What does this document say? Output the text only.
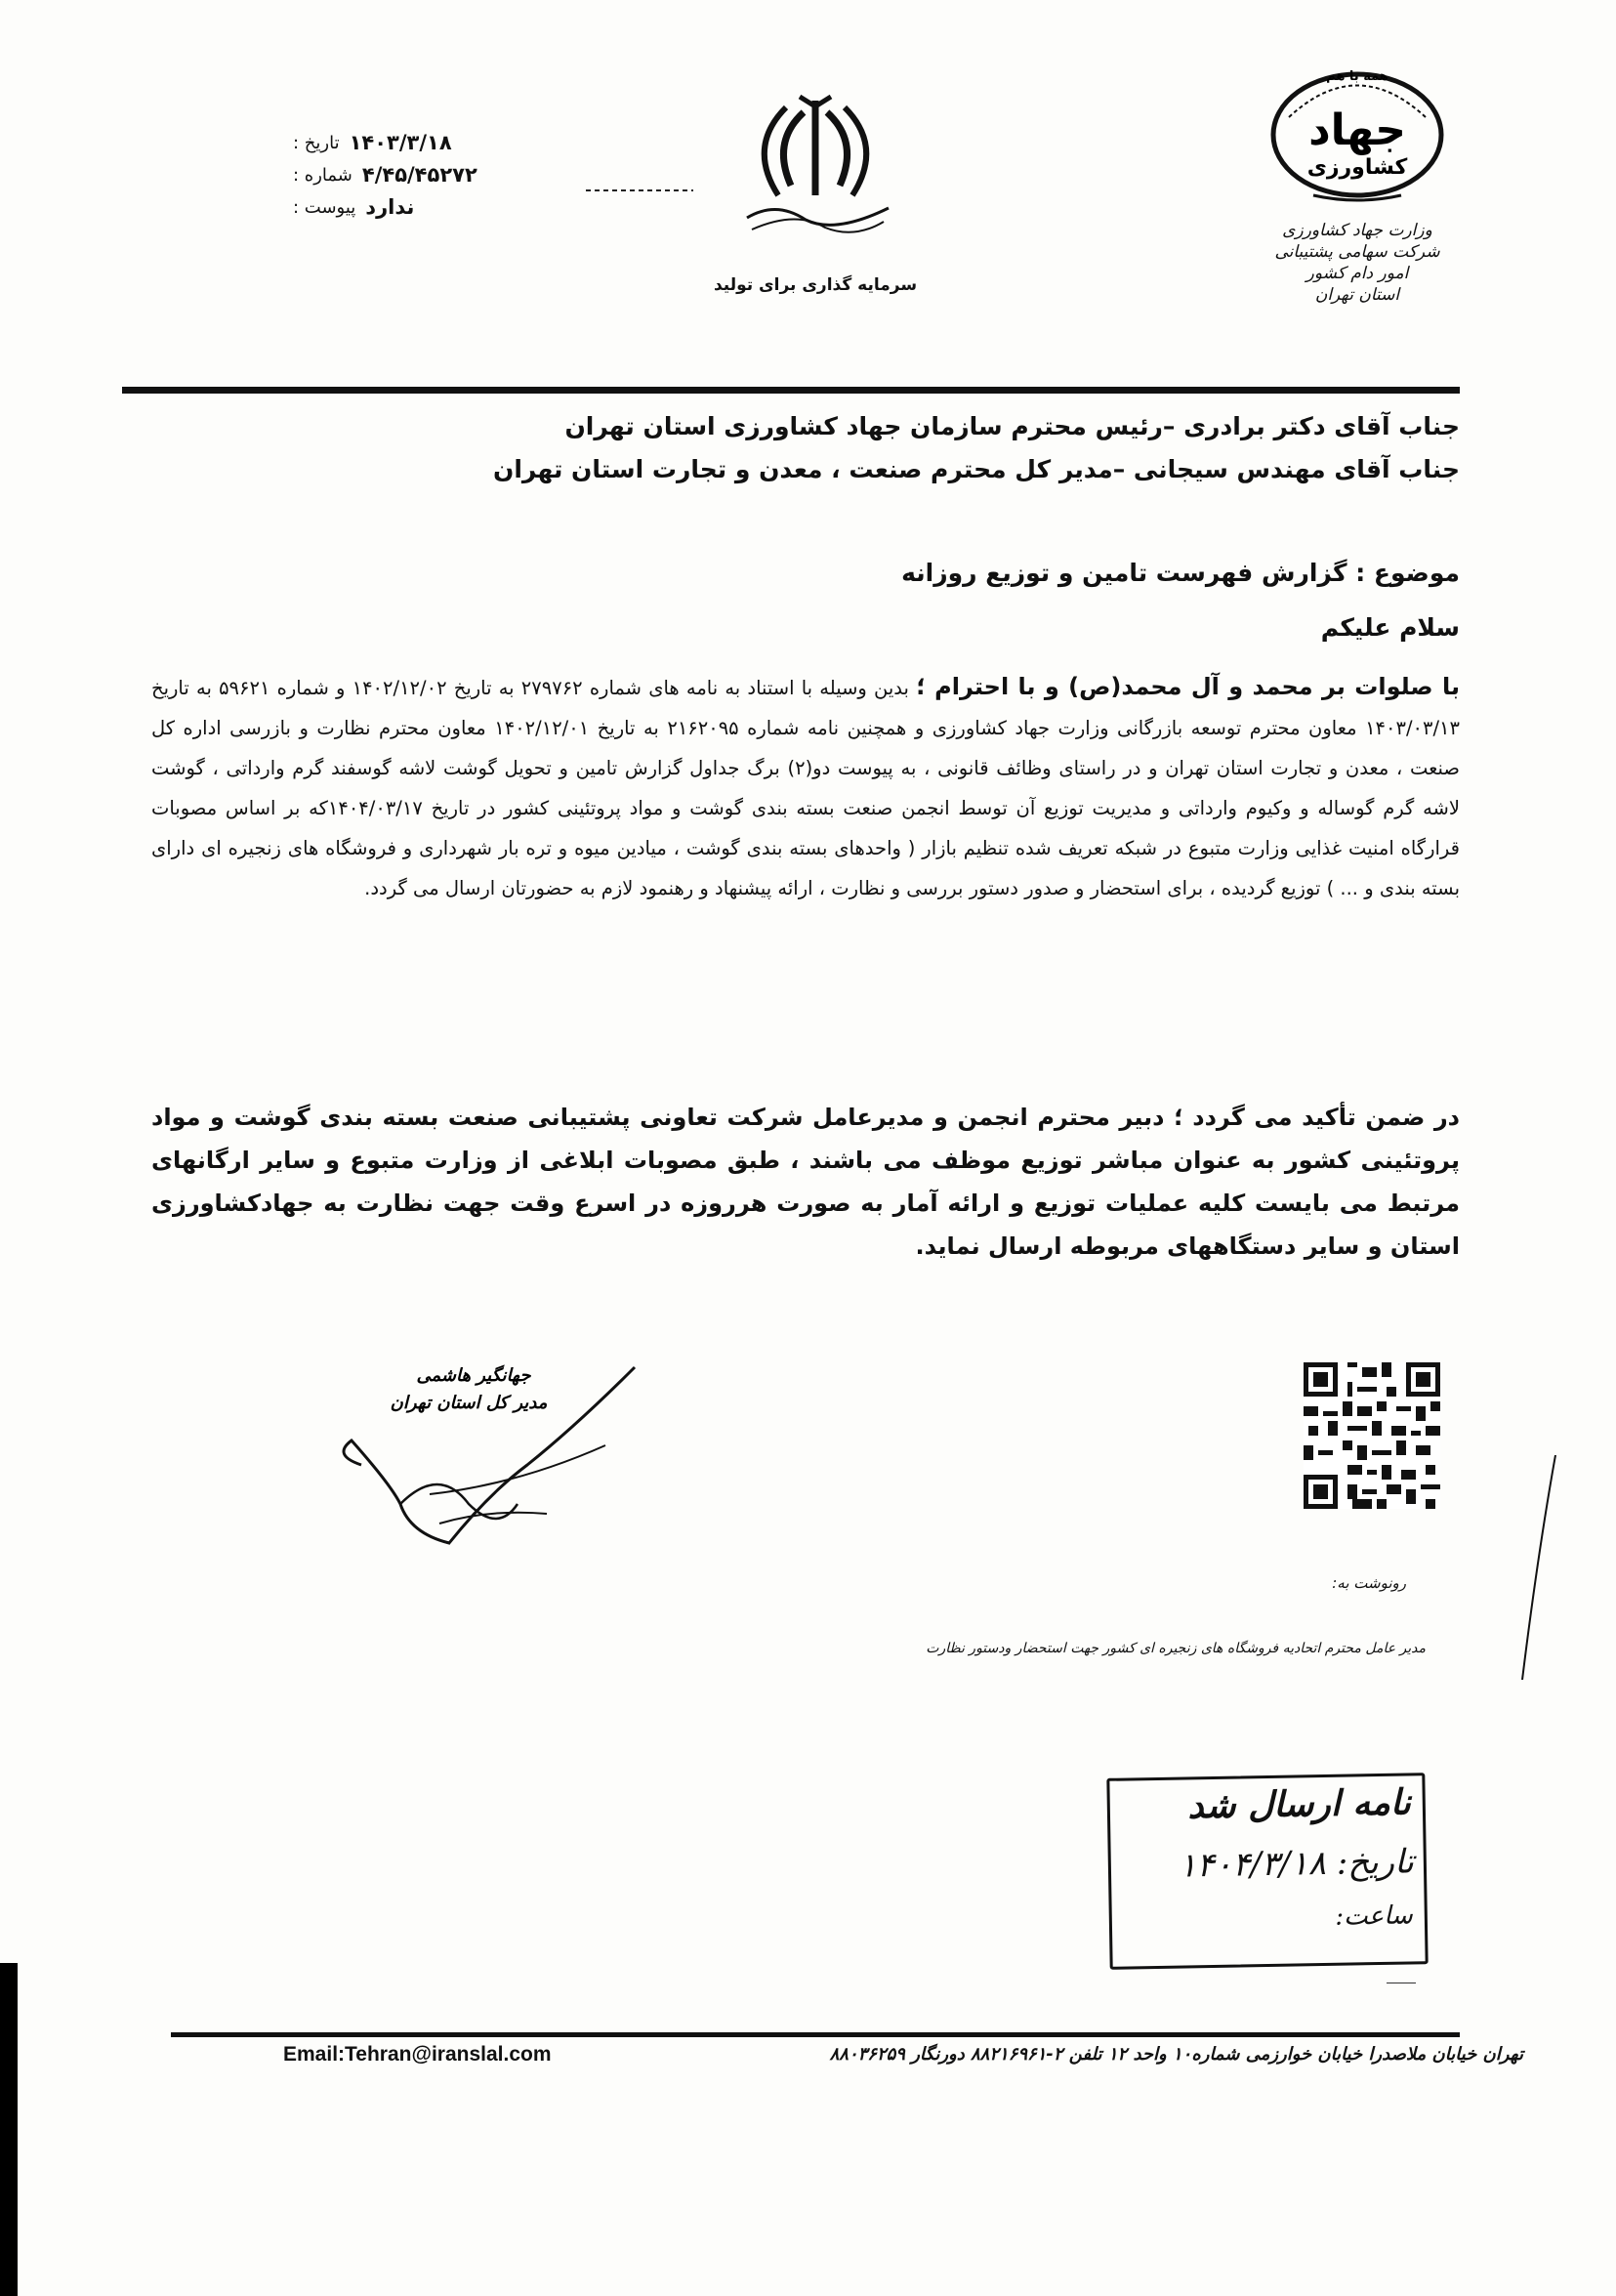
همه با هم
جهاد
کشاورزی
وزارت جهاد کشاورزی
شرکت سهامی پشتیبانی امور دام کشور
استان تهران
سرمایه گذاری برای تولید
تاریخ : ۱۴۰۳/۳/۱۸
شماره : ۴/۴۵/۴۵۲۷۲
پیوست : ندارد
جناب آقای دکتر برادری –رئیس محترم سازمان جهاد کشاورزی استان تهران
جناب آقای مهندس سیجانی –مدیر کل محترم صنعت ، معدن و تجارت استان تهران
موضوع : گزارش فهرست تامین و توزیع روزانه
سلام علیکم
با صلوات بر محمد و آل محمد(ص) و با احترام ؛ بدین وسیله با استناد به نامه های شماره ۲۷۹۷۶۲ به تاریخ ۱۴۰۲/۱۲/۰۲ و شماره ۵۹۶۲۱ به تاریخ ۱۴۰۳/۰۳/۱۳ معاون محترم توسعه بازرگانی وزارت جهاد کشاورزی و همچنین نامه شماره ۲۱۶۲۰۹۵ به تاریخ ۱۴۰۲/۱۲/۰۱ معاون محترم نظارت و بازرسی اداره کل صنعت ، معدن و تجارت استان تهران و در راستای وظائف قانونی ، به پیوست دو(۲) برگ جداول گزارش تامین و تحویل گوشت لاشه گوسفند گرم وارداتی ، گوشت لاشه گرم گوساله و وکیوم وارداتی و مدیریت توزیع آن توسط انجمن صنعت بسته بندی گوشت و مواد پروتئینی کشور در تاریخ ۱۴۰۴/۰۳/۱۷که بر اساس مصوبات قرارگاه امنیت غذایی وزارت متبوع در شبکه تعریف شده تنظیم بازار ( واحدهای بسته بندی گوشت ، میادین میوه و تره بار شهرداری و فروشگاه های زنجیره ای دارای بسته بندی و ... ) توزیع گردیده ، برای استحضار و صدور دستور بررسی و نظارت ، ارائه پیشنهاد و رهنمود لازم به حضورتان ارسال می گردد.
در ضمن تأکید می گردد ؛ دبیر محترم انجمن و مدیرعامل شرکت تعاونی پشتیبانی صنعت بسته بندی گوشت و مواد پروتئینی کشور به عنوان مباشر توزیع موظف می باشند ، طبق مصوبات ابلاغی از وزارت متبوع و سایر ارگانهای مرتبط می بایست کلیه عملیات توزیع و ارائه آمار به صورت هرروزه در اسرع وقت جهت نظارت به جهادکشاورزی استان و سایر دستگاههای مربوطه ارسال نماید.
جهانگیر هاشمی
مدیر کل استان تهران
رونوشت به:
مدیر عامل محترم اتحادیه فروشگاه های زنجیره ای کشور جهت استحضار ودستور نظارت
نامه ارسال شد
تاریخ: ۱۴۰۴/۳/۱۸
ساعت:
تهران خیابان ملاصدرا خیابان خوارزمی شماره۱۰ واحد ۱۲ تلفن ۲-۸۸۲۱۶۹۶۱ دورنگار ۸۸۰۳۶۲۵۹
Email:Tehran@iranslal.com
